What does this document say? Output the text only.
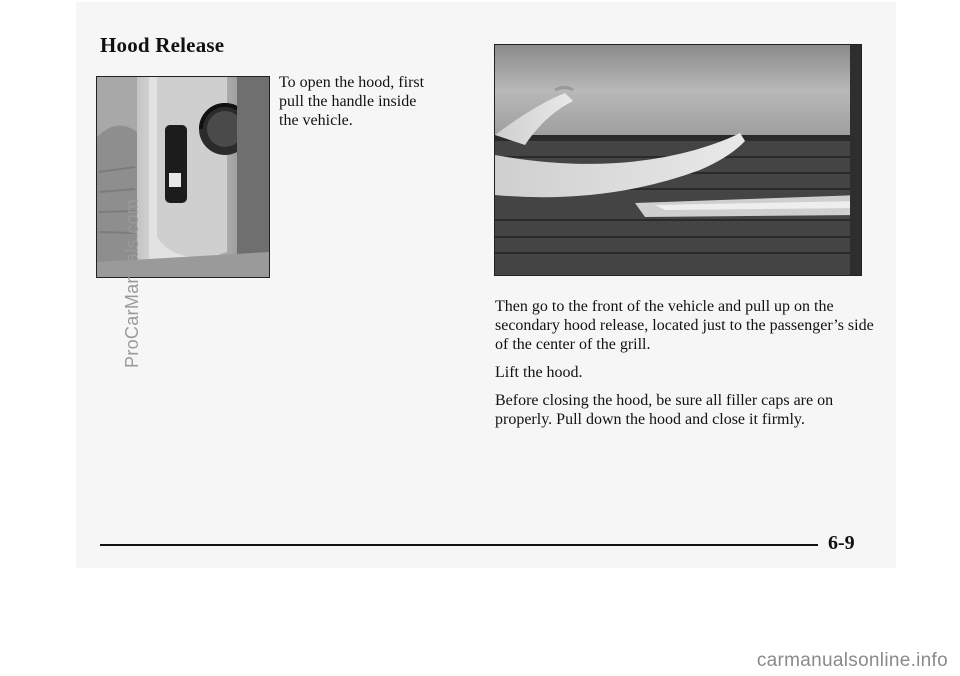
Hood Release
To open the hood, first pull the handle inside the vehicle.

Then go to the front of the vehicle and pull up on the secondary hood release, located just to the passenger’s side of the center of the grill.

Lift the hood.

Before closing the hood, be sure all filler caps are on properly. Pull down the hood and close it firmly.

6-9
ProCarManuals.com
carmanualsonline.info
